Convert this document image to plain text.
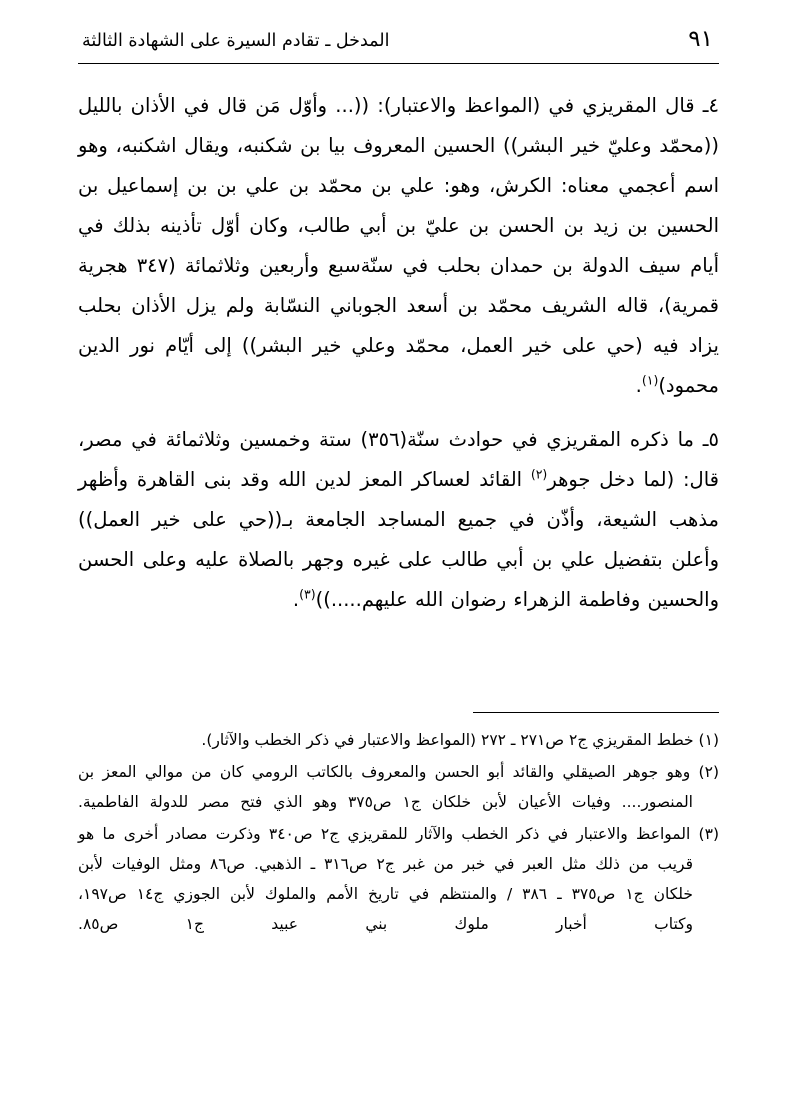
٩١
المدخل ـ تقادم السيرة على الشهادة الثالثة

٤ـ قال المقريزي في (المواعظ والاعتبار): ((... وأوّل مَن قال في الأذان بالليل ((محمّد وعليّ خير البشر)) الحسين المعروف بيا بن شكنبه، ويقال اشكنبه، وهو اسم أعجمي معناه: الكرش، وهو: علي بن محمّد بن علي بن بن إسماعيل بن الحسين بن زيد بن الحسن بن عليّ بن أبي طالب، وكان أوّل تأذينه بذلك في أيام سيف الدولة بن حمدان بحلب في سنّةسبع وأربعين وثلاثمائة (٣٤٧ هجرية قمرية)، قاله الشريف محمّد بن أسعد الجوباني النسّابة ولم يزل الأذان بحلب يزاد فيه (حي على خير العمل، محمّد وعلي خير البشر)) إلى أيّام نور الدين محمود)$^{(١)}$.

٥ـ ما ذكره المقريزي في حوادث سنّة(٣٥٦) ستة وخمسين وثلاثمائة في مصر، قال: (لما دخل جوهر$^{(٢)}$ القائد لعساكر المعز لدين الله وقد بنى القاهرة وأظهر مذهب الشيعة، وأذّن في جميع المساجد الجامعة بـ((حي على خير العمل)) وأعلن بتفضيل علي بن أبي طالب على غيره وجهر بالصلاة عليه وعلى الحسن والحسين وفاطمة الزهراء رضوان الله عليهم.....))$^{(٣)}$.

(١) خطط المقريزي ج٢ ص٢٧١ ـ ٢٧٢ (المواعظ والاعتبار في ذكر الخطب والآثار).
(٢) وهو جوهر الصيقلي والقائد أبو الحسن والمعروف بالكاتب الرومي كان من موالي المعز بن
المنصور.... وفيات الأعيان لأبن خلكان ج١ ص٣٧٥ وهو الذي فتح مصر للدولة الفاطمية.
(٣) المواعظ والاعتبار في ذكر الخطب والآثار للمقريزي ج٢ ص٣٤٠ وذكرت مصادر أخرى ما هو
قريب من ذلك مثل العبر في خبر من غبر ج٢ ص٣١٦ ـ الذهبي. ص٨٦ ومثل الوفيات لأبن
خلكان ج١ ص٣٧٥ ـ ٣٨٦ / والمنتظم في تاريخ الأمم والملوك لأبن الجوزي ج١٤ ص١٩٧،
وكتاب أخبار ملوك بني عبيد ج١ ص٨٥.
